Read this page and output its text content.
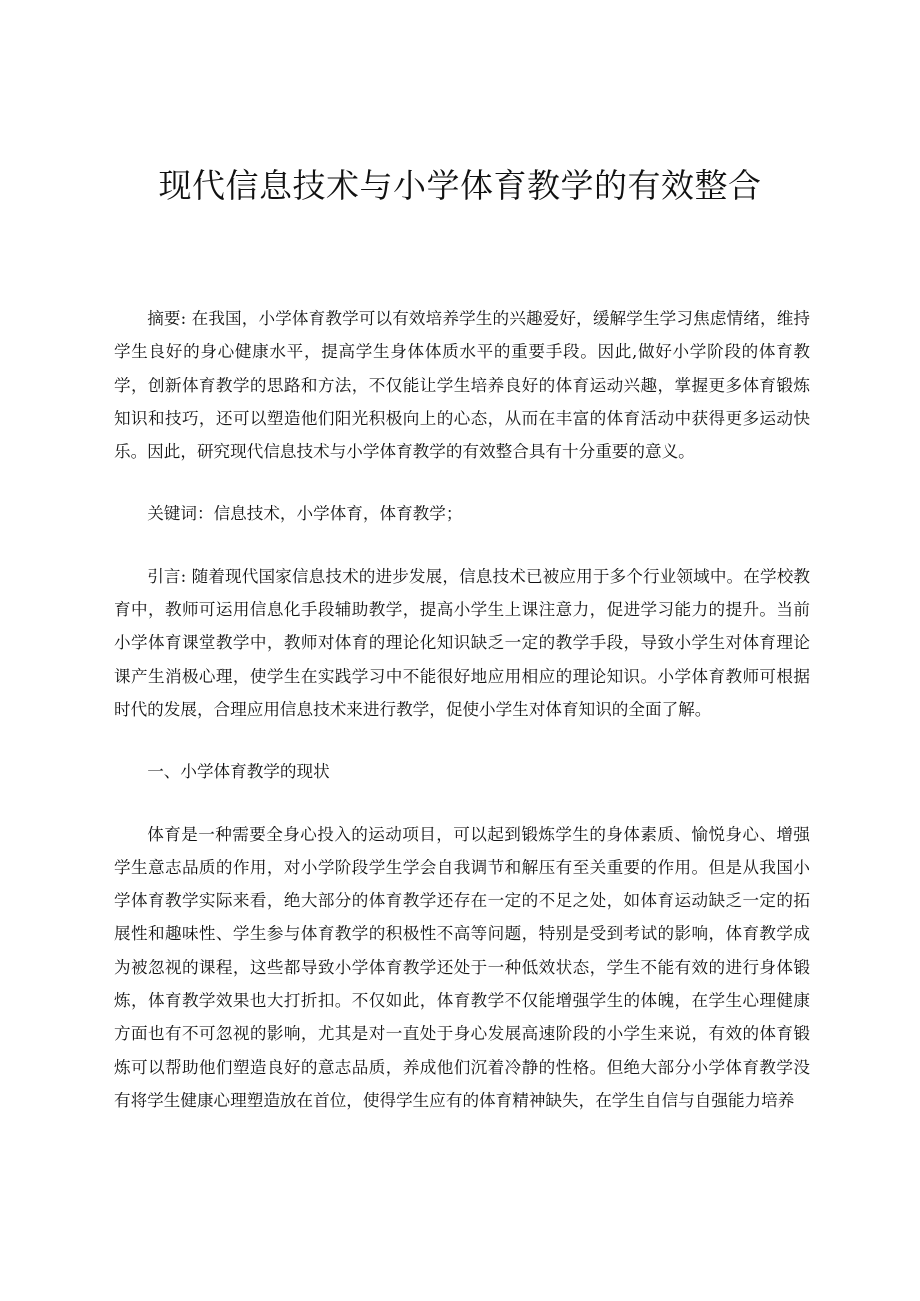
现代信息技术与小学体育教学的有效整合

摘要: 在我国，小学体育教学可以有效培养学生的兴趣爱好，缓解学生学习焦虑情绪，维持学生良好的身心健康水平，提高学生身体体质水平的重要手段。因此,做好小学阶段的体育教学，创新体育教学的思路和方法，不仅能让学生培养良好的体育运动兴趣，掌握更多体育锻炼知识和技巧，还可以塑造他们阳光积极向上的心态，从而在丰富的体育活动中获得更多运动快乐。因此，研究现代信息技术与小学体育教学的有效整合具有十分重要的意义。

关键词：信息技术，小学体育，体育教学；

引言: 随着现代国家信息技术的进步发展，信息技术已被应用于多个行业领域中。在学校教育中，教师可运用信息化手段辅助教学，提高小学生上课注意力，促进学习能力的提升。当前小学体育课堂教学中，教师对体育的理论化知识缺乏一定的教学手段，导致小学生对体育理论课产生消极心理，使学生在实践学习中不能很好地应用相应的理论知识。小学体育教师可根据时代的发展，合理应用信息技术来进行教学，促使小学生对体育知识的全面了解。

一、小学体育教学的现状

体育是一种需要全身心投入的运动项目，可以起到锻炼学生的身体素质、愉悦身心、增强学生意志品质的作用，对小学阶段学生学会自我调节和解压有至关重要的作用。但是从我国小学体育教学实际来看，绝大部分的体育教学还存在一定的不足之处，如体育运动缺乏一定的拓展性和趣味性、学生参与体育教学的积极性不高等问题，特别是受到考试的影响，体育教学成为被忽视的课程，这些都导致小学体育教学还处于一种低效状态，学生不能有效的进行身体锻炼，体育教学效果也大打折扣。不仅如此，体育教学不仅能增强学生的体魄，在学生心理健康方面也有不可忽视的影响，尤其是对一直处于身心发展高速阶段的小学生来说，有效的体育锻炼可以帮助他们塑造良好的意志品质，养成他们沉着冷静的性格。但绝大部分小学体育教学没有将学生健康心理塑造放在首位，使得学生应有的体育精神缺失，在学生自信与自强能力培养
